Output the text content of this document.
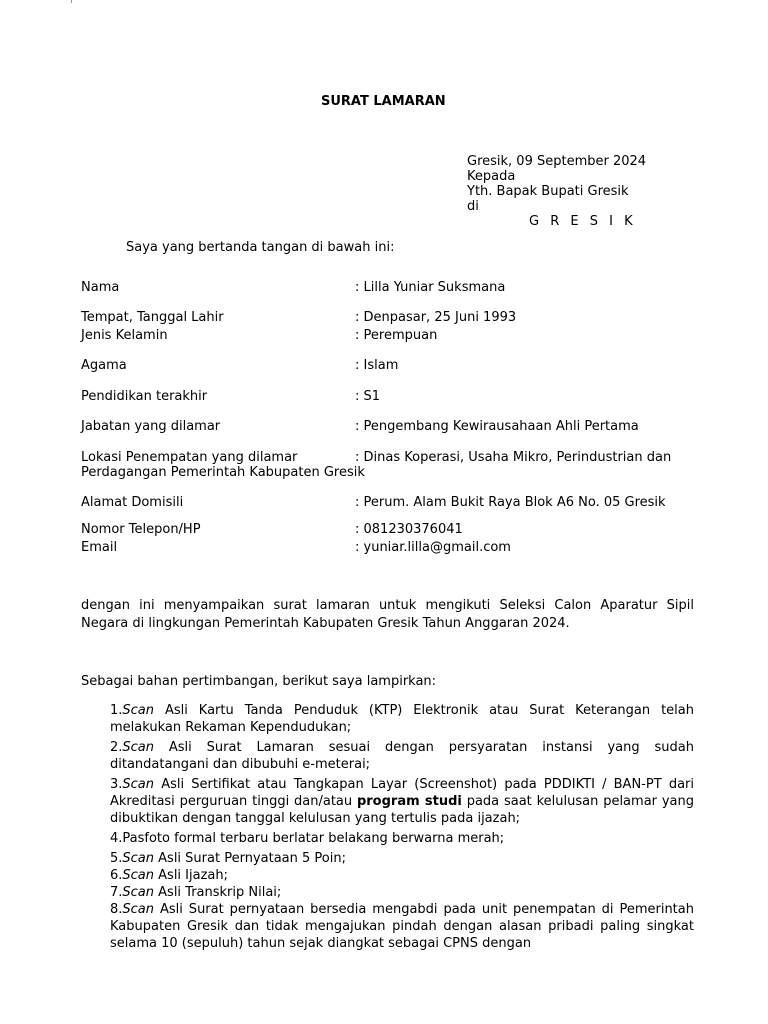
SURAT LAMARAN
Gresik, 09 September 2024
Kepada
Yth. Bapak Bupati Gresik
di
G R E S I K
Saya yang bertanda tangan di bawah ini:
Nama	: Lilla Yuniar Suksmana
Tempat, Tanggal Lahir	: Denpasar, 25 Juni 1993
Jenis Kelamin	: Perempuan
Agama	: Islam
Pendidikan terakhir	: S1
Jabatan yang dilamar	: Pengembang Kewirausahaan Ahli Pertama
Lokasi Penempatan yang dilamar	: Dinas Koperasi, Usaha Mikro, Perindustrian dan
Perdagangan Pemerintah Kabupaten Gresik
Alamat Domisili	: Perum. Alam Bukit Raya Blok A6 No. 05 Gresik
Nomor Telepon/HP	: 081230376041
Email	: yuniar.lilla@gmail.com
dengan ini menyampaikan surat lamaran untuk mengikuti Seleksi Calon Aparatur Sipil Negara di lingkungan Pemerintah Kabupaten Gresik Tahun Anggaran 2024.
Sebagai bahan pertimbangan, berikut saya lampirkan:

1.Scan Asli Kartu Tanda Penduduk (KTP) Elektronik atau Surat Keterangan telah melakukan Rekaman Kependudukan;

2.Scan Asli Surat Lamaran sesuai dengan persyaratan instansi yang sudah ditandatangani dan dibubuhi e-meterai;

3.Scan Asli Sertifikat atau Tangkapan Layar (Screenshot) pada PDDIKTI / BAN-PT dari Akreditasi perguruan tinggi dan/atau program studi pada saat kelulusan pelamar yang dibuktikan dengan tanggal kelulusan yang tertulis pada ijazah;

4.Pasfoto formal terbaru berlatar belakang berwarna merah;

5.Scan Asli Surat Pernyataan 5 Poin;

6.Scan Asli Ijazah;

7.Scan Asli Transkrip Nilai;

8.Scan Asli Surat pernyataan bersedia mengabdi pada unit penempatan di Pemerintah Kabupaten Gresik dan tidak mengajukan pindah dengan alasan pribadi paling singkat selama 10 (sepuluh) tahun sejak diangkat sebagai CPNS dengan
